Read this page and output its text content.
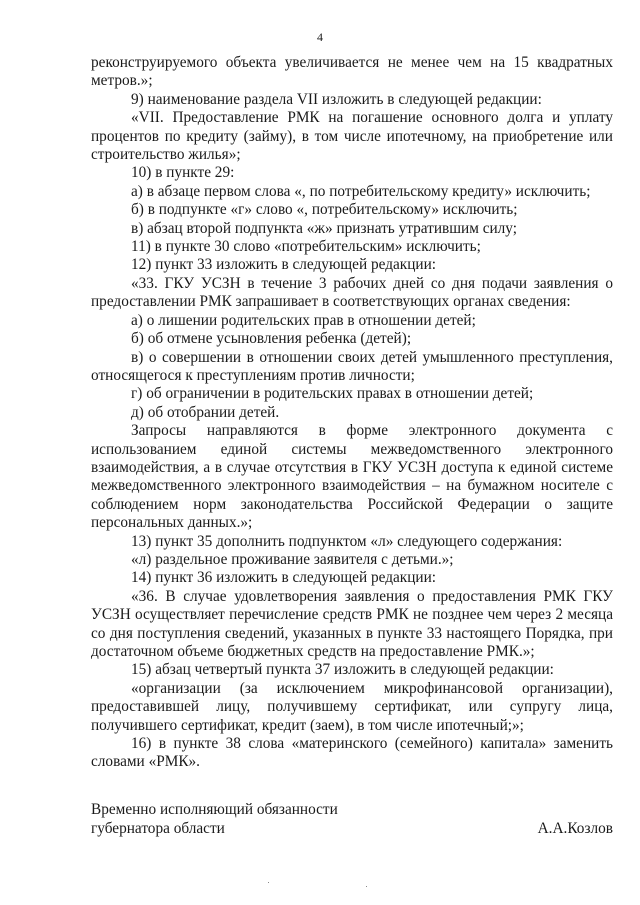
4

реконструируемого объекта увеличивается не менее чем на 15 квадратных метров.»;

9) наименование раздела VII изложить в следующей редакции:

«VII. Предоставление РМК на погашение основного долга и уплату процентов по кредиту (займу), в том числе ипотечному, на приобретение или строительство жилья»;

10) в пункте 29:

а) в абзаце первом слова «, по потребительскому кредиту» исключить;

б) в подпункте «г» слово «, потребительскому» исключить;

в) абзац второй подпункта «ж» признать утратившим силу;

11) в пункте 30 слово «потребительским» исключить;

12) пункт 33 изложить в следующей редакции:

«33. ГКУ УСЗН в течение 3 рабочих дней со дня подачи заявления о предоставлении РМК запрашивает в соответствующих органах сведения:

а) о лишении родительских прав в отношении детей;

б) об отмене усыновления ребенка (детей);

в) о совершении в отношении своих детей умышленного преступления, относящегося к преступлениям против личности;

г) об ограничении в родительских правах в отношении детей;

д) об отобрании детей.

Запросы направляются в форме электронного документа с использованием единой системы межведомственного электронного взаимодействия, а в случае отсутствия в ГКУ УСЗН доступа к единой системе межведомственного электронного взаимодействия – на бумажном носителе с соблюдением норм законодательства Российской Федерации о защите персональных данных.»;

13) пункт 35 дополнить подпунктом «л» следующего содержания:

«л) раздельное проживание заявителя с детьми.»;

14) пункт 36 изложить в следующей редакции:

«36. В случае удовлетворения заявления о предоставления РМК ГКУ УСЗН осуществляет перечисление средств РМК не позднее чем через 2 месяца со дня поступления сведений, указанных в пункте 33 настоящего Порядка, при достаточном объеме бюджетных средств на предоставление РМК.»;

15) абзац четвертый пункта 37 изложить в следующей редакции:

«организации (за исключением микрофинансовой организации), предоставившей лицу, получившему сертификат, или супругу лица, получившего сертификат, кредит (заем), в том числе ипотечный;»;

16) в пункте 38 слова «материнского (семейного) капитала» заменить словами «РМК».

Временно исполняющий обязанности
губернатора области	А.А.Козлов
